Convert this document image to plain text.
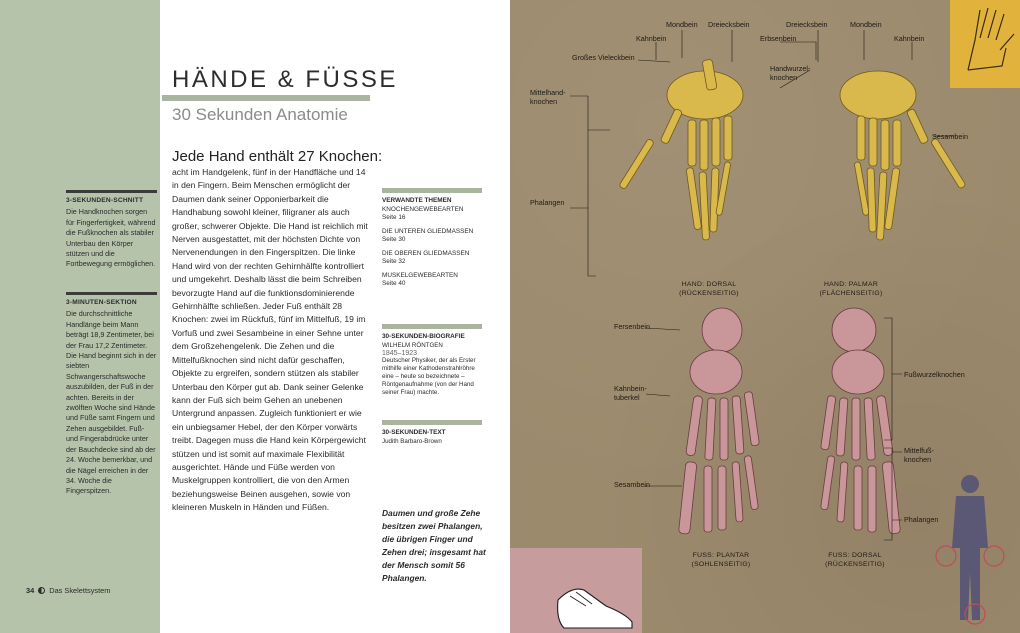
3-SEKUNDEN-SCHNITT

Die Handknochen sorgen für Fingerfertigkeit, während die Fußknochen als stabiler Unterbau den Körper stützen und die Fortbewegung ermöglichen.

3-MINUTEN-SEKTION

Die durchschnittliche Handlänge beim Mann beträgt 18,9 Zentimeter, bei der Frau 17,2 Zentimeter. Die Hand beginnt sich in der siebten Schwangerschaftswoche auszubilden, der Fuß in der achten. Bereits in der zwölften Woche sind Hände und Füße samt Fingern und Zehen ausgebildet. Fuß- und Fingerabdrücke unter der Bauchdecke sind ab der 24. Woche bemerkbar, und die Nägel erreichen in der 34. Woche die Fingerspitzen.

34 Das Skelettsystem
HÄNDE & FÜSSE
30 Sekunden Anatomie
Jede Hand enthält 27 Knochen:
acht im Handgelenk, fünf in der Handfläche und 14 in den Fingern. Beim Menschen ermöglicht der Daumen dank seiner Opponierbarkeit die Handhabung sowohl kleiner, filigraner als auch großer, schwerer Objekte. Die Hand ist reichlich mit Nerven ausgestattet, mit der höchsten Dichte von Nervenendungen in den Fingerspitzen. Die linke Hand wird von der rechten Gehirnhälfte kontrolliert und umgekehrt. Deshalb lässt die beim Schreiben bevorzugte Hand auf die funktionsdominierende Gehirnhälfte schließen. Jeder Fuß enthält 28 Knochen: zwei im Rückfuß, fünf im Mittelfuß, 19 im Vorfuß und zwei Sesambeine in einer Sehne unter dem Großzehengelenk. Die Zehen und die Mittelfußknochen sind nicht dafür geschaffen, Objekte zu ergreifen, sondern stützen als stabiler Unterbau den Körper gut ab. Dank seiner Gelenke kann der Fuß sich beim Gehen an unebenen Untergrund anpassen. Zugleich funktioniert er wie ein unbiegsamer Hebel, der den Körper vorwärts treibt. Dagegen muss die Hand kein Körpergewicht stützen und ist somit auf maximale Flexibilität ausgerichtet. Hände und Füße werden von Muskelgruppen kontrolliert, die von den Armen beziehungsweise Beinen ausgehen, sowie von kleineren Muskeln in Händen und Füßen.
VERWANDTE THEMEN
KNOCHENGEWEBEARTEN
Seite 16
DIE UNTEREN GLIEDMASSEN
Seite 30
DIE OBEREN GLIEDMASSEN
Seite 32
MUSKELGEWEBEARTEN
Seite 40
30-SEKUNDEN-BIOGRAFIE
WILHELM RÖNTGEN
1845–1923
Deutscher Physiker, der als Erster mithilfe einer Kathodenstrahlröhre eine – heute so bezeichnete – Röntgenaufnahme (von der Hand seiner Frau) machte.
30-SEKUNDEN-TEXT
Judith Barbaro-Brown
Daumen und große Zehe besitzen zwei Phalangen, die übrigen Finger und Zehen drei; insgesamt hat der Mensch somit 56 Phalangen.
Mondbein Dreiecksbein	Dreiecksbein	Mondbein
Kahnbein	Erbsenbein	Kahnbein
Großes Vieleckbein
Handwurzel-
knochen
Mittelhand-
knochen
Sesambein
Phalangen
HAND: DORSAL
(RÜCKENSEITIG)
HAND: PALMAR
(FLÄCHENSEITIG)
Fersenbein
Kahnbein-
tuberkel
Fußwurzelknochen
Mittelfuß-
knochen
Sesambein
Phalangen
FUSS: PLANTAR
(SOHLENSEITIG)
FUSS: DORSAL
(RÜCKENSEITIG)
